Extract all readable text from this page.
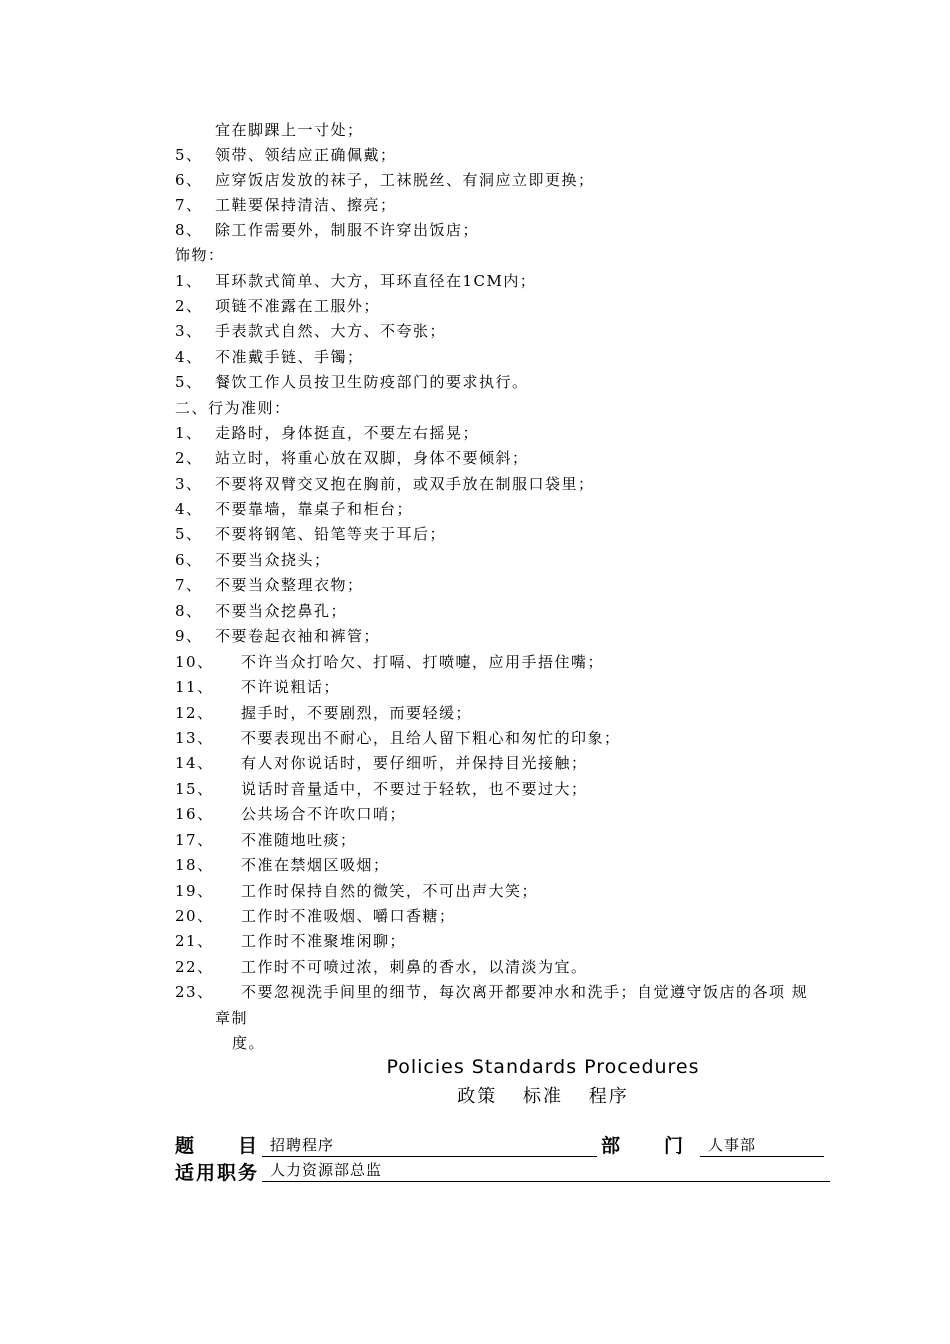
宜在脚踝上一寸处；
5、 领带、领结应正确佩戴；
6、 应穿饭店发放的袜子，工袜脱丝、有洞应立即更换；
7、 工鞋要保持清洁、擦亮；
8、 除工作需要外，制服不许穿出饭店；
饰物：
1、 耳环款式简单、大方，耳环直径在1CM内；
2、 项链不准露在工服外；
3、 手表款式自然、大方、不夸张；
4、 不准戴手链、手镯；
5、 餐饮工作人员按卫生防疫部门的要求执行。
二、行为准则：
1、 走路时，身体挺直，不要左右摇晃；
2、 站立时，将重心放在双脚，身体不要倾斜；
3、 不要将双臂交叉抱在胸前，或双手放在制服口袋里；
4、 不要靠墙，靠桌子和柜台；
5、 不要将钢笔、铅笔等夹于耳后；
6、 不要当众挠头；
7、 不要当众整理衣物；
8、 不要当众挖鼻孔；
9、 不要卷起衣袖和裤管；
10、 不许当众打哈欠、打嗝、打喷嚏，应用手捂住嘴；
11、 不许说粗话；
12、 握手时，不要剧烈，而要轻缓；
13、 不要表现出不耐心，且给人留下粗心和匆忙的印象；
14、 有人对你说话时，要仔细听，并保持目光接触；
15、 说话时音量适中，不要过于轻软，也不要过大；
16、 公共场合不许吹口哨；
17、 不准随地吐痰；
18、 不准在禁烟区吸烟；
19、 工作时保持自然的微笑，不可出声大笑；
20、 工作时不准吸烟、嚼口香糖；
21、 工作时不准聚堆闲聊；
22、 工作时不可喷过浓，刺鼻的香水，以清淡为宜。
23、 不要忽视洗手间里的细节，每次离开都要冲水和洗手；自觉遵守饭店的各项 规
章制
度。
Policies Standards Procedures
政策 标准 程序
题　　目 招聘程序	部　　门	人事部
适用职务 人力资源部总监
